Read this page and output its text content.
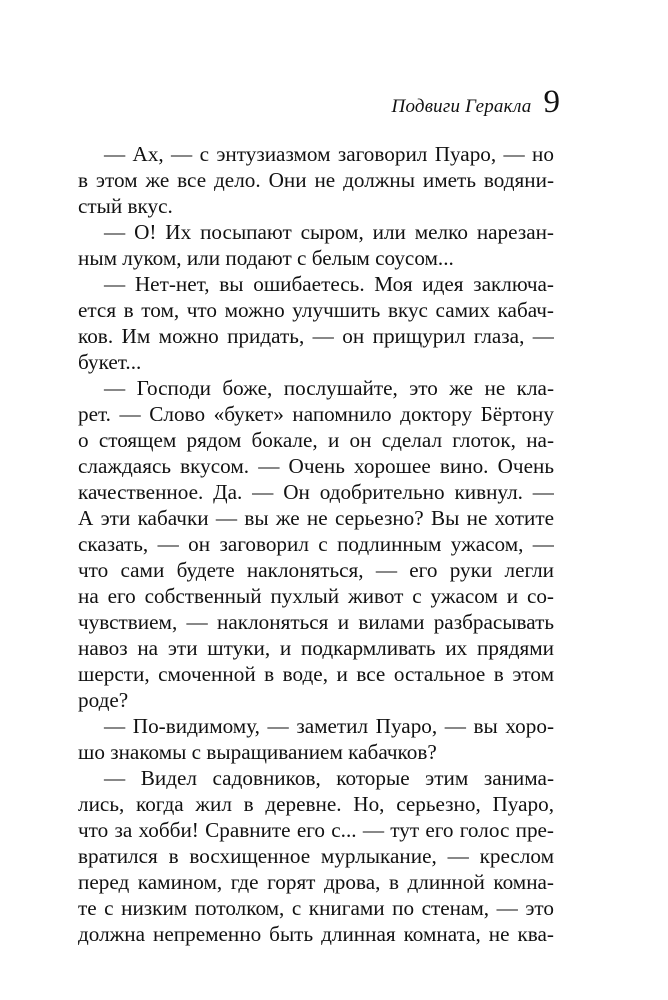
Подвиги Геракла 9
— Ах, — с энтузиазмом заговорил Пуаро, — но
в этом же все дело. Они не должны иметь водяни-
стый вкус.
— О! Их посыпают сыром, или мелко нарезан-
ным луком, или подают с белым соусом...
— Нет-нет, вы ошибаетесь. Моя идея заключа-
ется в том, что можно улучшить вкус самих кабач-
ков. Им можно придать, — он прищурил глаза, —
букет...
— Господи боже, послушайте, это же не кла-
рет. — Слово «букет» напомнило доктору Бёртону
о стоящем рядом бокале, и он сделал глоток, на-
слаждаясь вкусом. — Очень хорошее вино. Очень
качественное. Да. — Он одобрительно кивнул. —
А эти кабачки — вы же не серьезно? Вы не хотите
сказать, — он заговорил с подлинным ужасом, —
что сами будете наклоняться, — его руки легли
на его собственный пухлый живот с ужасом и со-
чувствием, — наклоняться и вилами разбрасывать
навоз на эти штуки, и подкармливать их прядями
шерсти, смоченной в воде, и все остальное в этом
роде?
— По-видимому, — заметил Пуаро, — вы хоро-
шо знакомы с выращиванием кабачков?
— Видел садовников, которые этим занима-
лись, когда жил в деревне. Но, серьезно, Пуаро,
что за хобби! Сравните его с... — тут его голос пре-
вратился в восхищенное мурлыкание, — креслом
перед камином, где горят дрова, в длинной комна-
те с низким потолком, с книгами по стенам, — это
должна непременно быть длинная комната, не ква-
